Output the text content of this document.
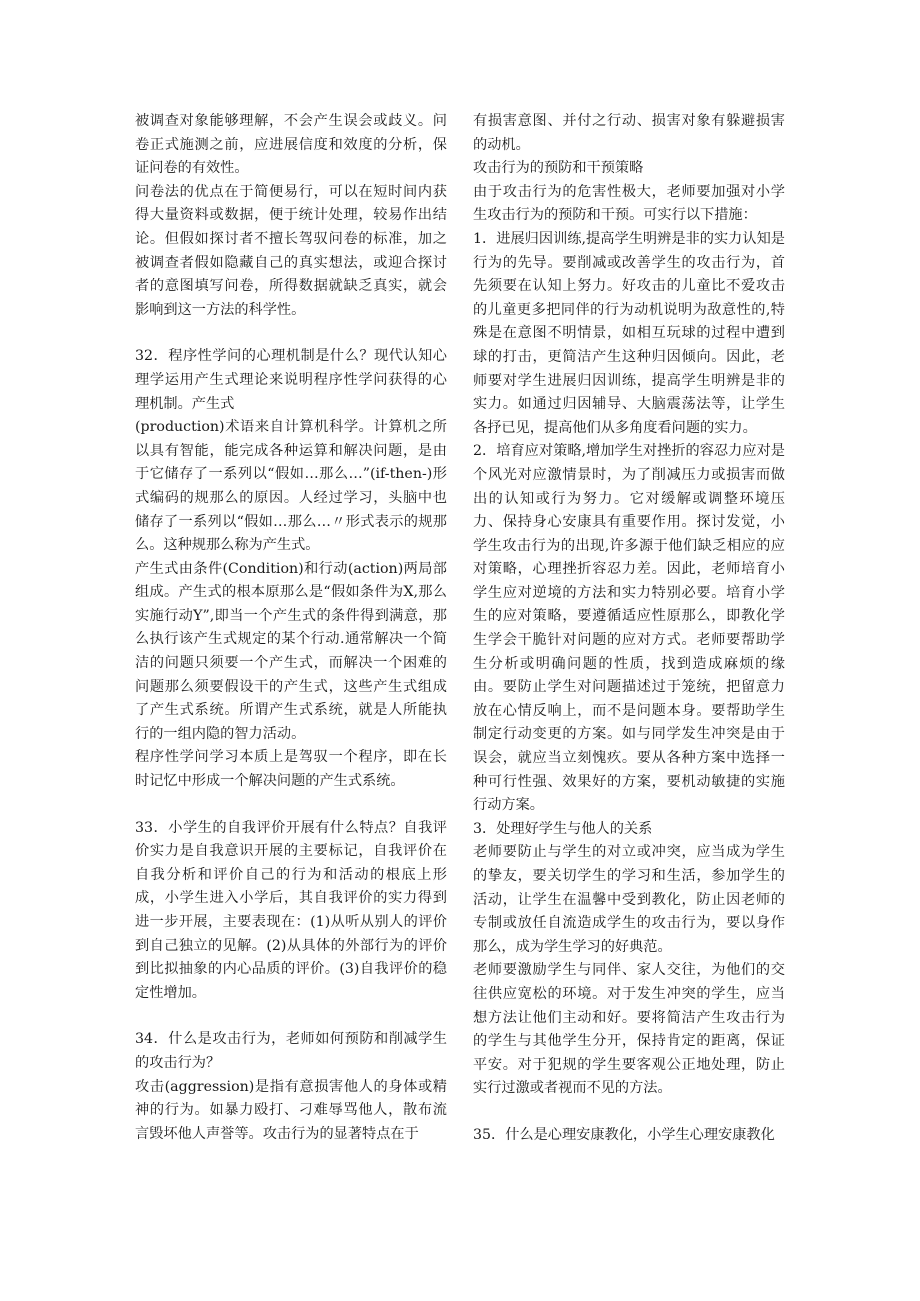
被调查对象能够理解，不会产生误会或歧义。问卷正式施测之前，应进展信度和效度的分析，保证问卷的有效性。

问卷法的优点在于简便易行，可以在短时间内获得大量资料或数据，便于统计处理，较易作出结论。但假如探讨者不擅长驾驭问卷的标准，加之被调查者假如隐藏自己的真实想法，或迎合探讨者的意图填写问卷，所得数据就缺乏真实，就会影响到这一方法的科学性。

32．程序性学问的心理机制是什么？现代认知心理学运用产生式理论来说明程序性学问获得的心理机制。产生式

(production)术语来自计算机科学。计算机之所以具有智能，能完成各种运算和解决问题，是由于它储存了一系列以“假如…那么…”(if-then-)形式编码的规那么的原因。人经过学习，头脑中也储存了一系列以“假如…那么…〃形式表示的规那么。这种规那么称为产生式。

产生式由条件(Condition)和行动(action)两局部组成。产生式的根本原那么是“假如条件为X,那么实施行动Y”,即当一个产生式的条件得到满意，那么执行该产生式规定的某个行动.通常解决一个简洁的问题只须要一个产生式，而解决一个困难的问题那么须要假设干的产生式，这些产生式组成了产生式系统。所谓产生式系统，就是人所能执行的一组内隐的智力活动。

程序性学问学习本质上是驾驭一个程序，即在长时记忆中形成一个解决问题的产生式系统。

33．小学生的自我评价开展有什么特点？自我评价实力是自我意识开展的主要标记，自我评价在自我分析和评价自己的行为和活动的根底上形成，小学生进入小学后，其自我评价的实力得到进一步开展，主要表现在：(1)从听从别人的评价到自己独立的见解。(2)从具体的外部行为的评价到比拟抽象的内心品质的评价。(3)自我评价的稳定性增加。

34．什么是攻击行为，老师如何预防和削减学生的攻击行为？

攻击(aggression)是指有意损害他人的身体或精神的行为。如暴力殴打、刁难辱骂他人，散布流言毁坏他人声誉等。攻击行为的显著特点在于

有损害意图、并付之行动、损害对象有躲避损害的动机。

攻击行为的预防和干预策略

由于攻击行为的危害性极大，老师要加强对小学生攻击行为的预防和干预。可实行以下措施：

1．进展归因训练,提高学生明辨是非的实力认知是行为的先导。要削减或改善学生的攻击行为，首先须要在认知上努力。好攻击的儿童比不爱攻击的儿童更多把同伴的行为动机说明为敌意性的,特殊是在意图不明情景，如相互玩球的过程中遭到球的打击，更简洁产生这种归因倾向。因此，老师要对学生进展归因训练，提高学生明辨是非的实力。如通过归因辅导、大脑震荡法等，让学生各抒已见，提高他们从多角度看问题的实力。

2．培育应对策略,增加学生对挫折的容忍力应对是个风光对应激情景时，为了削减压力或损害而做出的认知或行为努力。它对缓解或调整环境压力、保持身心安康具有重要作用。探讨发觉，小学生攻击行为的出现,许多源于他们缺乏相应的应对策略，心理挫折容忍力差。因此，老师培育小学生应对逆境的方法和实力特别必要。培育小学生的应对策略，要遵循适应性原那么，即教化学生学会干脆针对问题的应对方式。老师要帮助学生分析或明确问题的性质，找到造成麻烦的缘由。要防止学生对问题描述过于笼统，把留意力放在心情反响上，而不是问题本身。要帮助学生制定行动变更的方案。如与同学发生冲突是由于误会，就应当立刻愧疚。要从各种方案中选择一种可行性强、效果好的方案，要机动敏捷的实施行动方案。

3．处理好学生与他人的关系

老师要防止与学生的对立或冲突，应当成为学生的挚友，要关切学生的学习和生活，参加学生的活动，让学生在温馨中受到教化，防止因老师的专制或放任自流造成学生的攻击行为，要以身作那么，成为学生学习的好典范。

老师要激励学生与同伴、家人交往，为他们的交往供应宽松的环境。对于发生冲突的学生，应当想方法让他们主动和好。要将简洁产生攻击行为的学生与其他学生分开，保持肯定的距离，保证平安。对于犯规的学生要客观公正地处理，防止实行过激或者视而不见的方法。

35．什么是心理安康教化，小学生心理安康教化
